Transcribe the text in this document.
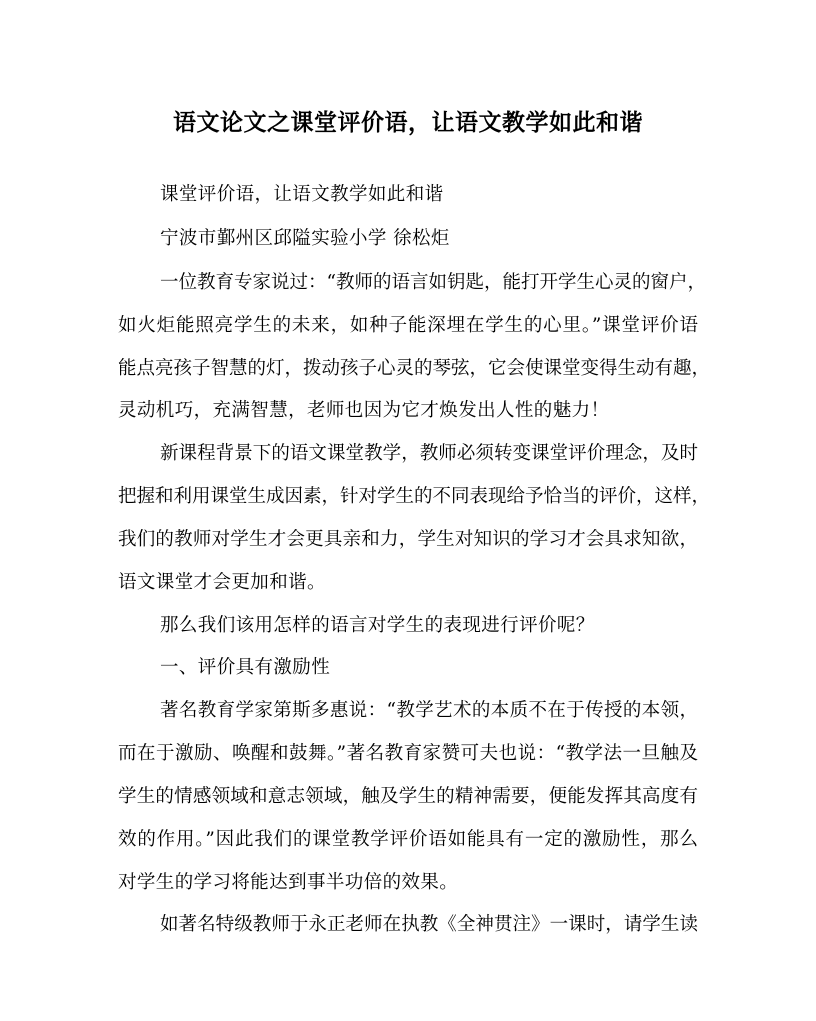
语文论文之课堂评价语，让语文教学如此和谐
课堂评价语，让语文教学如此和谐
宁波市鄞州区邱隘实验小学 徐松炬
一位教育专家说过：“教师的语言如钥匙，能打开学生心灵的窗户，
如火炬能照亮学生的未来，如种子能深埋在学生的心里。”课堂评价语
能点亮孩子智慧的灯，拨动孩子心灵的琴弦，它会使课堂变得生动有趣，
灵动机巧，充满智慧，老师也因为它才焕发出人性的魅力！
新课程背景下的语文课堂教学，教师必须转变课堂评价理念，及时
把握和利用课堂生成因素，针对学生的不同表现给予恰当的评价，这样，
我们的教师对学生才会更具亲和力，学生对知识的学习才会具求知欲，
语文课堂才会更加和谐。
那么我们该用怎样的语言对学生的表现进行评价呢？
一、评价具有激励性
著名教育学家第斯多惠说：“教学艺术的本质不在于传授的本领，
而在于激励、唤醒和鼓舞。”著名教育家赞可夫也说：“教学法一旦触及
学生的情感领域和意志领域，触及学生的精神需要，便能发挥其高度有
效的作用。”因此我们的课堂教学评价语如能具有一定的激励性，那么
对学生的学习将能达到事半功倍的效果。
如著名特级教师于永正老师在执教《全神贯注》一课时，请学生读
